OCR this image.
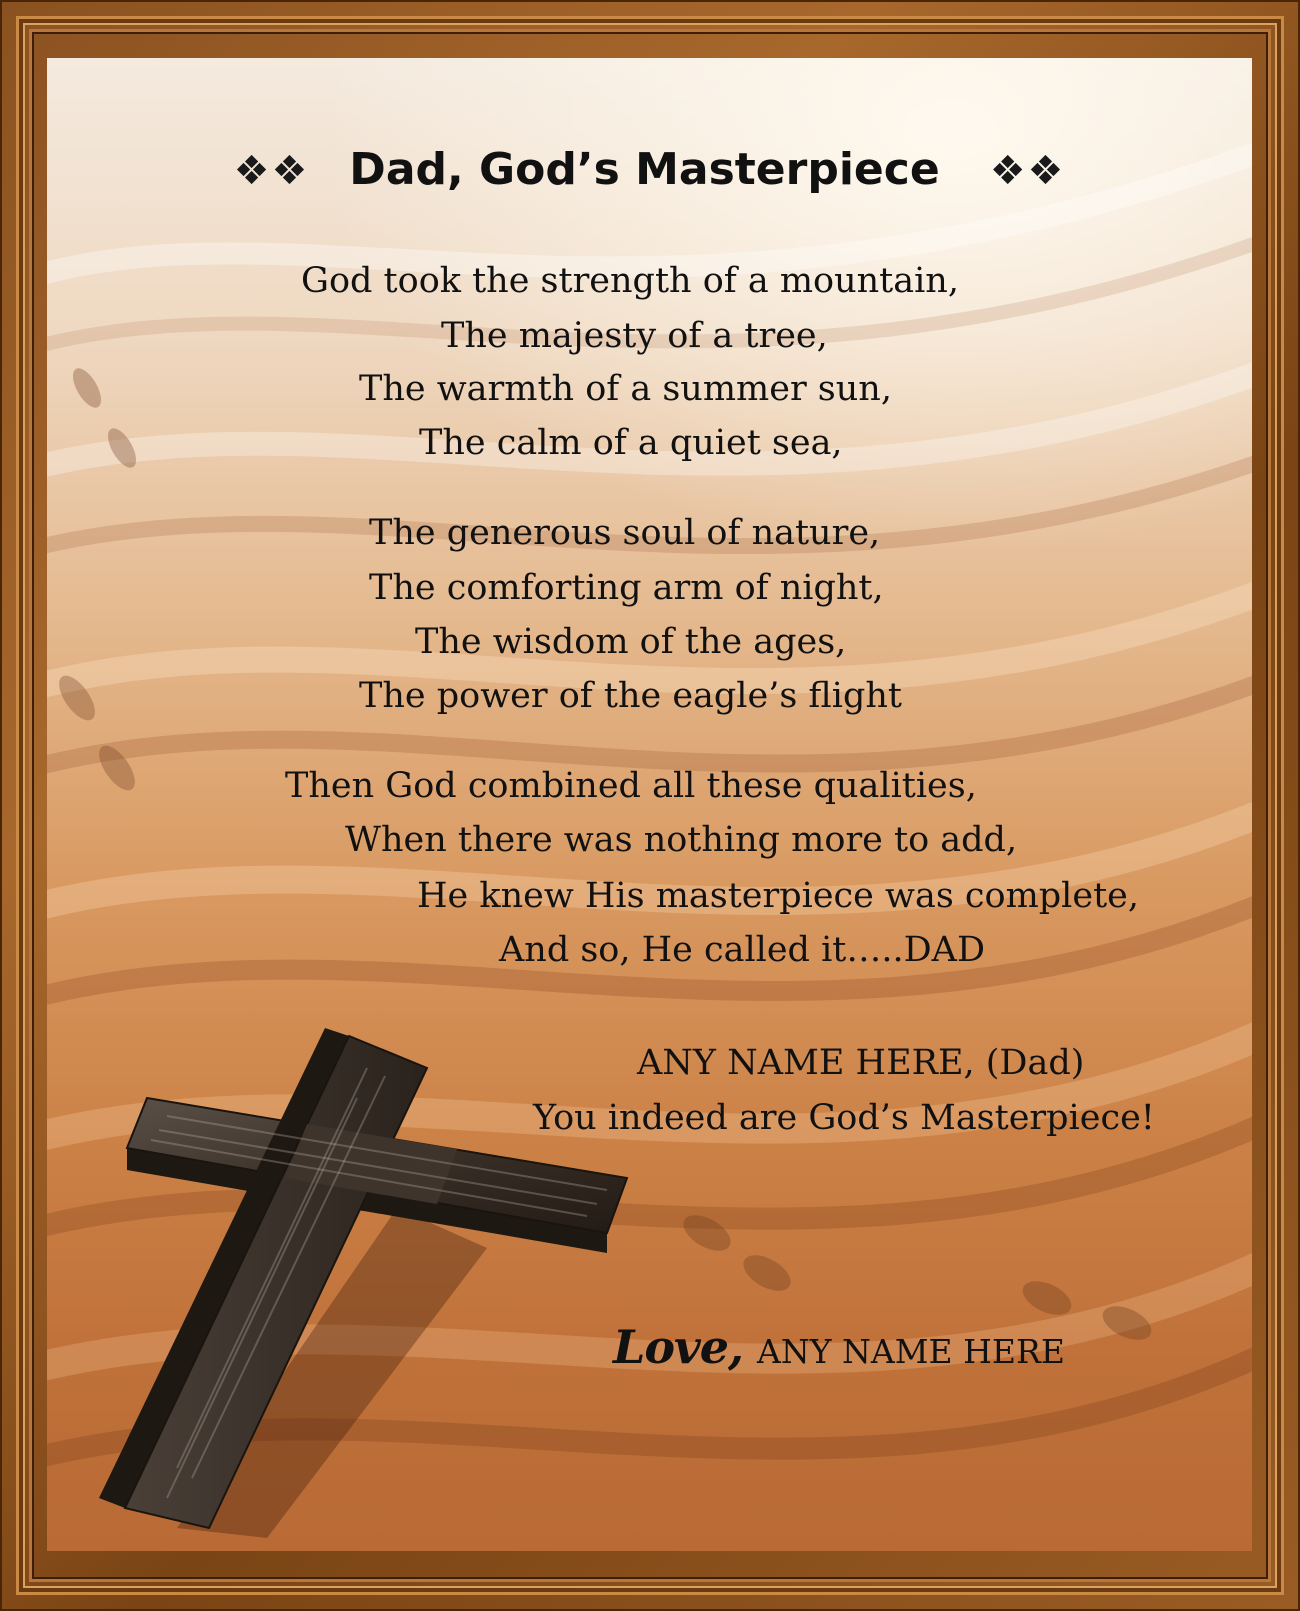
❖❖ Dad, God’s Masterpiece ❖❖
God took the strength of a mountain,
The majesty of a tree,
The warmth of a summer sun,
The calm of a quiet sea,
The generous soul of nature,
The comforting arm of night,
The wisdom of the ages,
The power of the eagle’s flight
Then God combined all these qualities,
When there was nothing more to add,
He knew His masterpiece was complete,
And so, He called it…..DAD
ANY NAME HERE, (Dad)
You indeed are God’s Masterpiece!
Love, ANY NAME HERE
